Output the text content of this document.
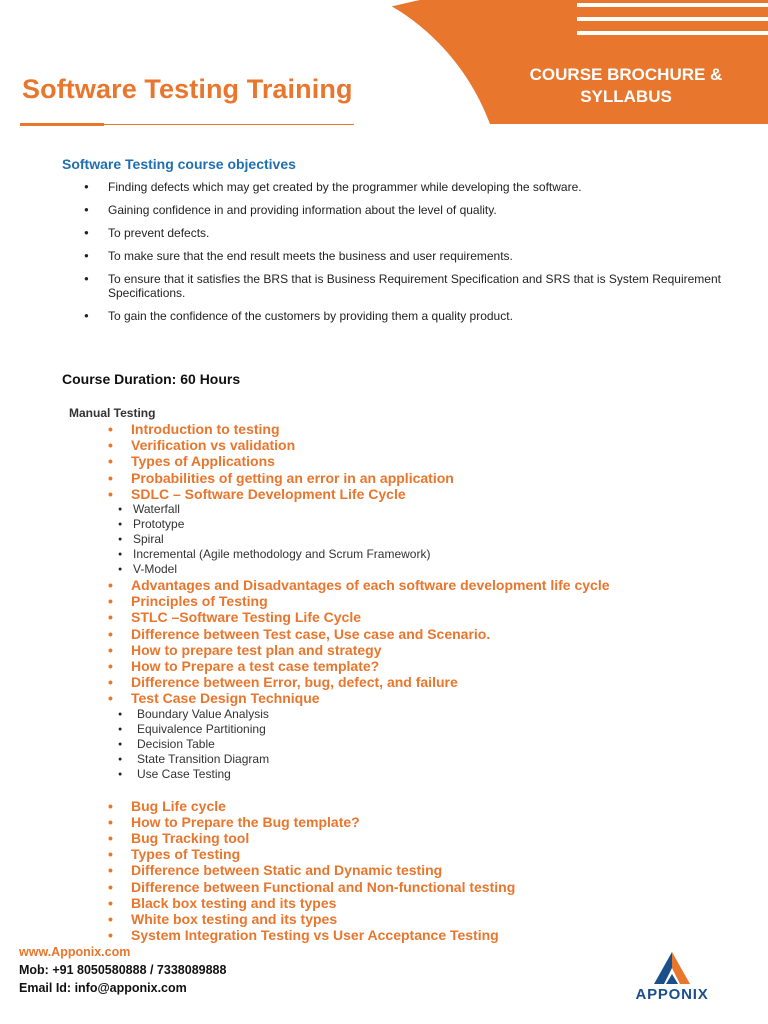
Software Testing Training	COURSE BROCHURE &
SYLLABUS
Software Testing course objectives
● Finding defects which may get created by the programmer while developing the software.
● Gaining confidence in and providing information about the level of quality.
● To prevent defects.
● To make sure that the end result meets the business and user requirements.
● To ensure that it satisfies the BRS that is Business Requirement Specification and SRS that is System Requirement Specifications.
● To gain the confidence of the customers by providing them a quality product.
Course Duration: 60 Hours
Manual Testing
• Introduction to testing
• Verification vs validation
• Types of Applications
• Probabilities of getting an error in an application
• SDLC – Software Development Life Cycle
● Waterfall
● Prototype
● Spiral
● Incremental (Agile methodology and Scrum Framework)
● V-Model
• Advantages and Disadvantages of each software development life cycle
• Principles of Testing
• STLC –Software Testing Life Cycle
• Difference between Test case, Use case and Scenario.
• How to prepare test plan and strategy
• How to Prepare a test case template?
• Difference between Error, bug, defect, and failure
• Test Case Design Technique
● Boundary Value Analysis
● Equivalence Partitioning
● Decision Table
● State Transition Diagram
● Use Case Testing
• Bug Life cycle
• How to Prepare the Bug template?
• Bug Tracking tool
• Types of Testing
• Difference between Static and Dynamic testing
• Difference between Functional and Non-functional testing
• Black box testing and its types
• White box testing and its types
• System Integration Testing vs User Acceptance Testing
www.Apponix.com
Mob: +91 8050580888 / 7338089888
Email Id: info@apponix.com	APPONIX
